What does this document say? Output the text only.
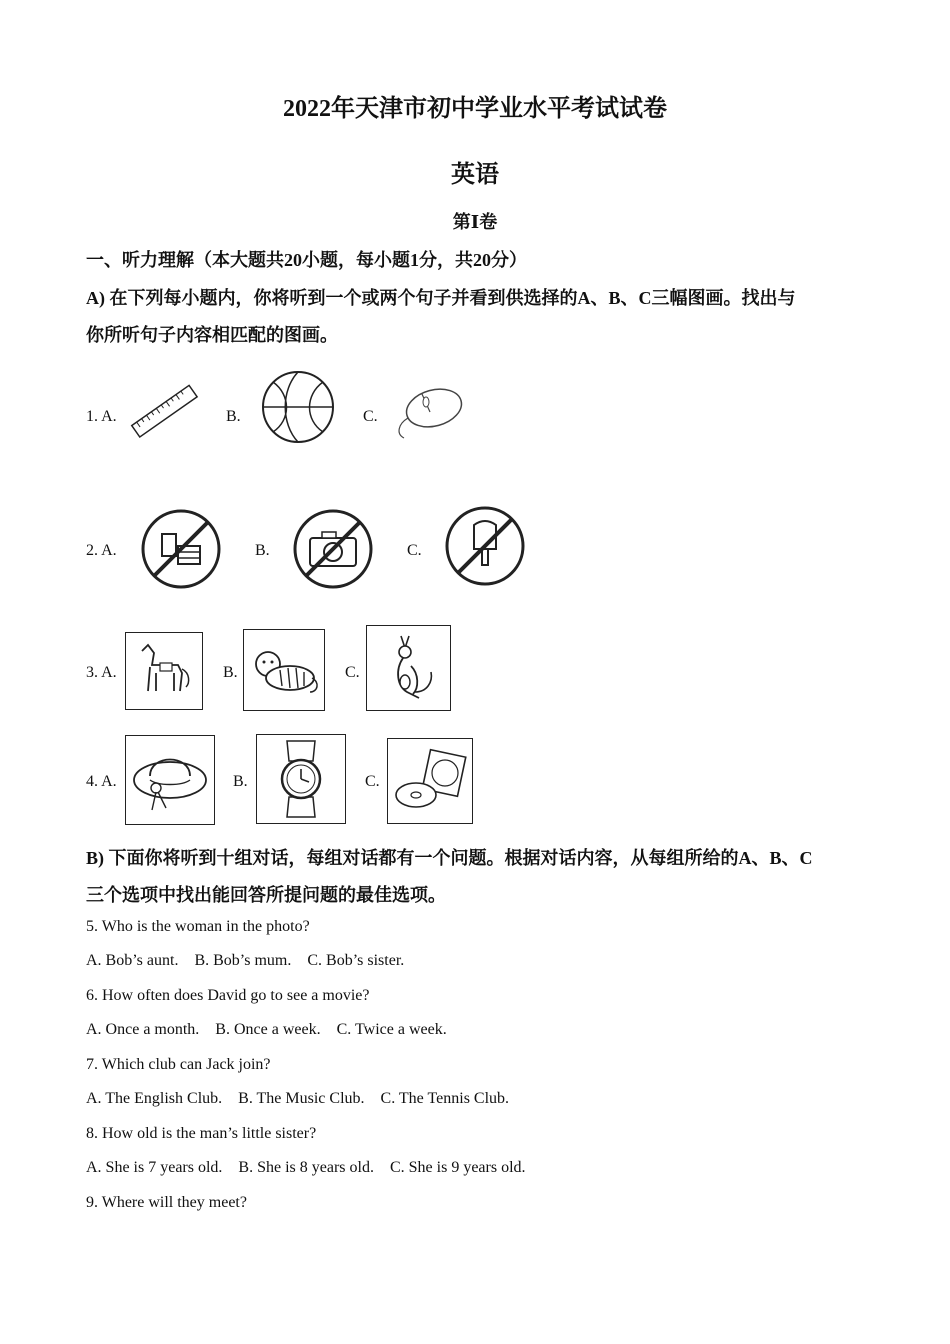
2022年天津市初中学业水平考试试卷
英语
第Ⅰ卷
一、听力理解（本大题共20小题，每小题1分，共20分）
A) 在下列每小题内，你将听到一个或两个句子并看到供选择的A、B、C三幅图画。找出与
你所听句子内容相匹配的图画。
1. A.	B.	C.
2. A.	B.	C.
3. A.	B.	C.
4. A.	B.	C.
B) 下面你将听到十组对话，每组对话都有一个问题。根据对话内容，从每组所给的A、B、C
三个选项中找出能回答所提问题的最佳选项。
5. Who is the woman in the photo?
A. Bob’s aunt.    B. Bob’s mum.    C. Bob’s sister.
6. How often does David go to see a movie?
A. Once a month.    B. Once a week.    C. Twice a week.
7. Which club can Jack join?
A. The English Club.    B. The Music Club.    C. The Tennis Club.
8. How old is the man’s little sister?
A. She is 7 years old.    B. She is 8 years old.    C. She is 9 years old.
9. Where will they meet?
